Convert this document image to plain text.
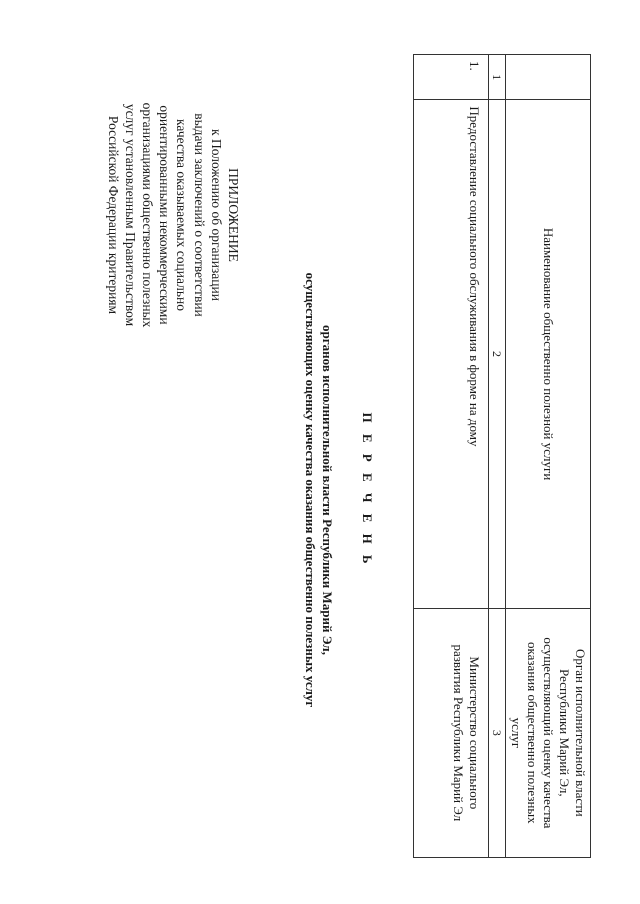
ПРИЛОЖЕНИЕ
к Положению об организации
выдачи заключений о соответствии
качества оказываемых социально
ориентированными некоммерческими
организациями общественно полезных
услуг установленным Правительством
Российской Федерации критериям
П Е Р Е Ч Е Н Ь
органов исполнительной власти Республики Марий Эл,
осуществляющих оценку качества оказания общественно полезных услуг
		Наименование общественно полезной услуги	Орган исполнительной власти
Республики Марий Эл,
осуществляющий оценку качества
оказания общественно полезных
услуг

1	2	3
1.	Предоставление социального обслуживания в форме на дому	Министерство социального
развития Республики Марий Эл
